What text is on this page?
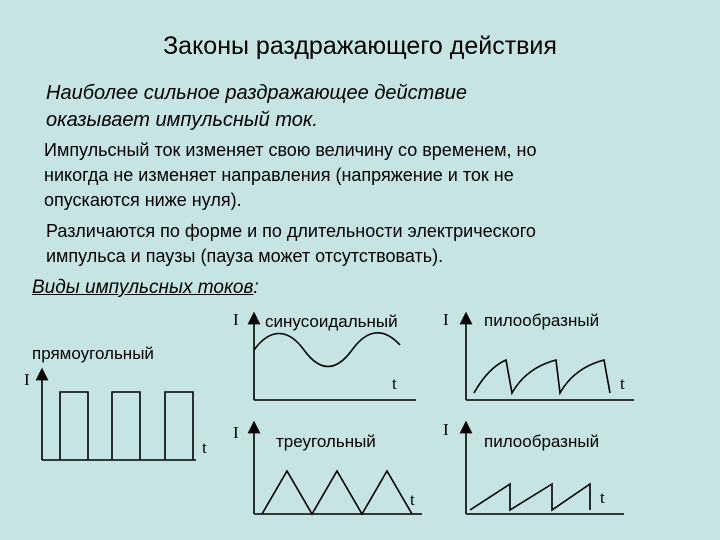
Законы раздражающего действия
Наиболее сильное раздражающее действие
оказывает импульсный ток.
Импульсный ток изменяет свою величину со временем, но
никогда не изменяет направления (напряжение и ток не
опускаются ниже нуля).
Различаются по форме и по длительности электрического
импульса и паузы (пауза может отсутствовать).
Виды импульсных токов:
синусоидальный	пилообразный
прямоугольный
треугольный	пилообразный
I
t
I
t
I
t
I
t
I
t
